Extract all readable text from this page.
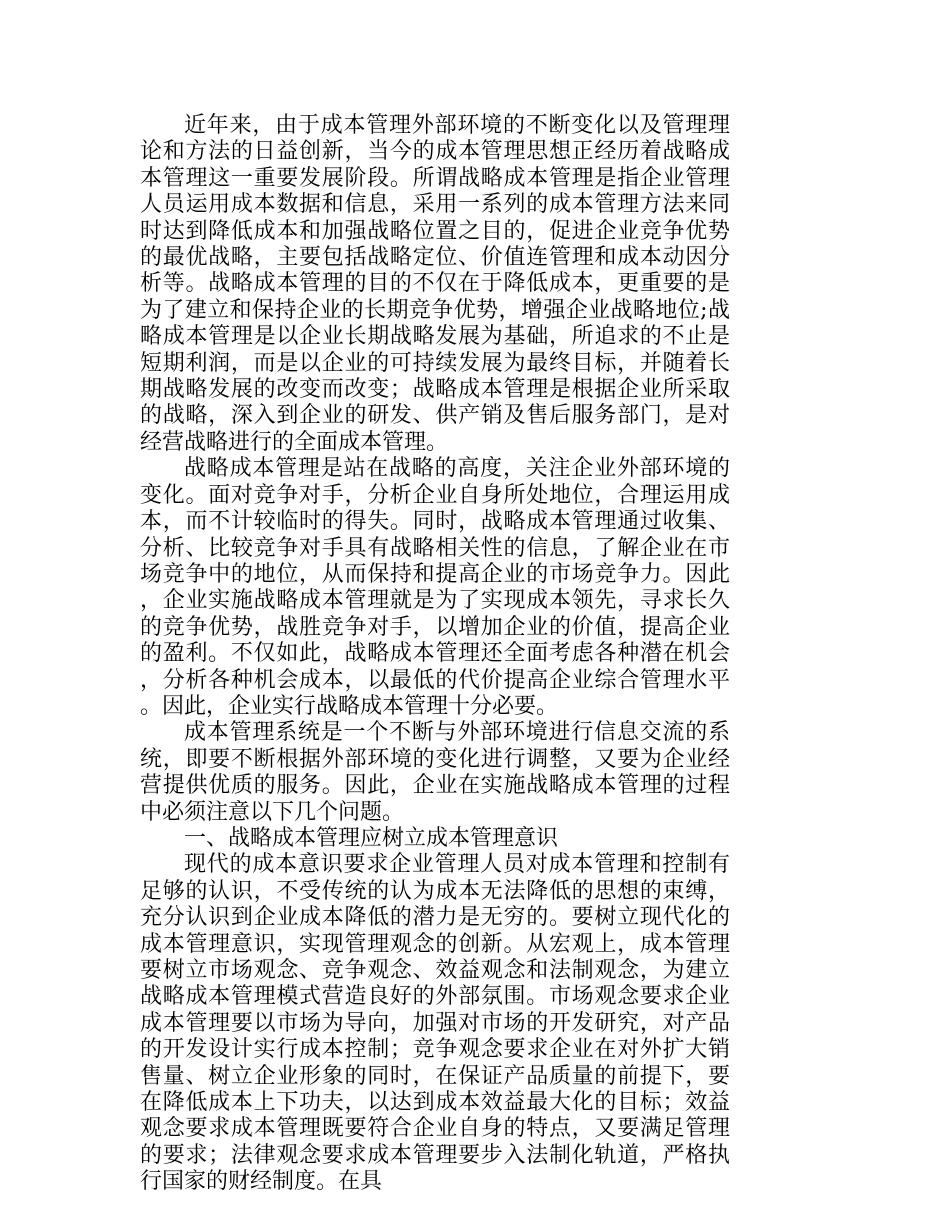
近年来，由于成本管理外部环境的不断变化以及管理理论和方法的日益创新，当今的成本管理思想正经历着战略成本管理这一重要发展阶段。所谓战略成本管理是指企业管理人员运用成本数据和信息，采用一系列的成本管理方法来同时达到降低成本和加强战略位置之目的，促进企业竞争优势的最优战略，主要包括战略定位、价值连管理和成本动因分析等。战略成本管理的目的不仅在于降低成本，更重要的是为了建立和保持企业的长期竞争优势，增强企业战略地位;战略成本管理是以企业长期战略发展为基础，所追求的不止是短期利润，而是以企业的可持续发展为最终目标，并随着长期战略发展的改变而改变；战略成本管理是根据企业所采取的战略，深入到企业的研发、供产销及售后服务部门，是对经营战略进行的全面成本管理。

战略成本管理是站在战略的高度，关注企业外部环境的变化。面对竞争对手，分析企业自身所处地位，合理运用成本，而不计较临时的得失。同时，战略成本管理通过收集、分析、比较竞争对手具有战略相关性的信息，了解企业在市场竞争中的地位，从而保持和提高企业的市场竞争力。因此，企业实施战略成本管理就是为了实现成本领先，寻求长久的竞争优势，战胜竞争对手，以增加企业的价值，提高企业的盈利。不仅如此，战略成本管理还全面考虑各种潜在机会，分析各种机会成本，以最低的代价提高企业综合管理水平。因此，企业实行战略成本管理十分必要。

成本管理系统是一个不断与外部环境进行信息交流的系统，即要不断根据外部环境的变化进行调整，又要为企业经营提供优质的服务。因此，企业在实施战略成本管理的过程中必须注意以下几个问题。

一、战略成本管理应树立成本管理意识

现代的成本意识要求企业管理人员对成本管理和控制有足够的认识，不受传统的认为成本无法降低的思想的束缚，充分认识到企业成本降低的潜力是无穷的。要树立现代化的成本管理意识，实现管理观念的创新。从宏观上，成本管理要树立市场观念、竞争观念、效益观念和法制观念，为建立战略成本管理模式营造良好的外部氛围。市场观念要求企业成本管理要以市场为导向，加强对市场的开发研究，对产品的开发设计实行成本控制；竞争观念要求企业在对外扩大销售量、树立企业形象的同时，在保证产品质量的前提下，要在降低成本上下功夫，以达到成本效益最大化的目标；效益观念要求成本管理既要符合企业自身的特点，又要满足管理的要求；法律观念要求成本管理要步入法制化轨道，严格执行国家的财经制度。在具
